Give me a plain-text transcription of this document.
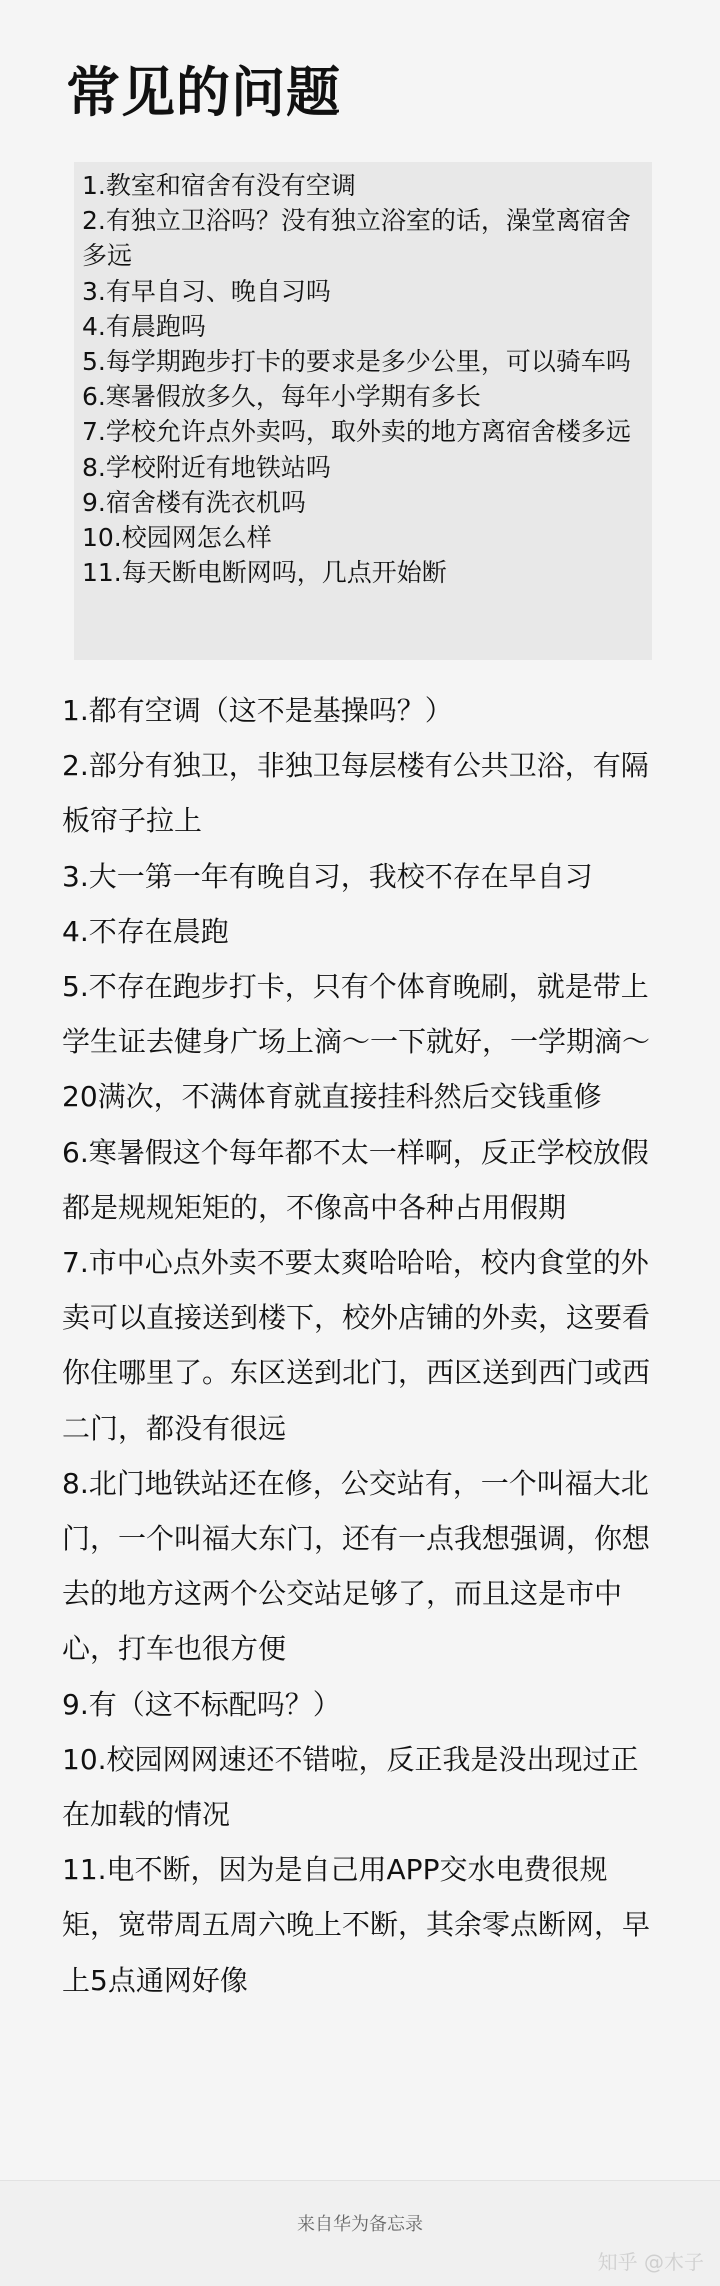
常见的问题

1.教室和宿舍有没有空调

2.有独立卫浴吗？没有独立浴室的话，澡堂离宿舍多远

3.有早自习、晚自习吗

4.有晨跑吗

5.每学期跑步打卡的要求是多少公里，可以骑车吗

6.寒暑假放多久，每年小学期有多长

7.学校允许点外卖吗，取外卖的地方离宿舍楼多远

8.学校附近有地铁站吗

9.宿舍楼有洗衣机吗

10.校园网怎么样

11.每天断电断网吗，几点开始断

1.都有空调（这不是基操吗？）

2.部分有独卫，非独卫每层楼有公共卫浴，有隔板帘子拉上

3.大一第一年有晚自习，我校不存在早自习

4.不存在晨跑

5.不存在跑步打卡，只有个体育晚刷，就是带上学生证去健身广场上滴～一下就好，一学期滴～20满次，不满体育就直接挂科然后交钱重修

6.寒暑假这个每年都不太一样啊，反正学校放假都是规规矩矩的，不像高中各种占用假期

7.市中心点外卖不要太爽哈哈哈，校内食堂的外卖可以直接送到楼下，校外店铺的外卖，这要看你住哪里了。东区送到北门，西区送到西门或西二门，都没有很远

8.北门地铁站还在修，公交站有，一个叫福大北门，一个叫福大东门，还有一点我想强调，你想去的地方这两个公交站足够了，而且这是市中心，打车也很方便

9.有（这不标配吗？）

10.校园网网速还不错啦，反正我是没出现过正在加载的情况

11.电不断，因为是自己用APP交水电费很规矩，宽带周五周六晚上不断，其余零点断网，早上5点通网好像

来自华为备忘录
知乎 @木子
